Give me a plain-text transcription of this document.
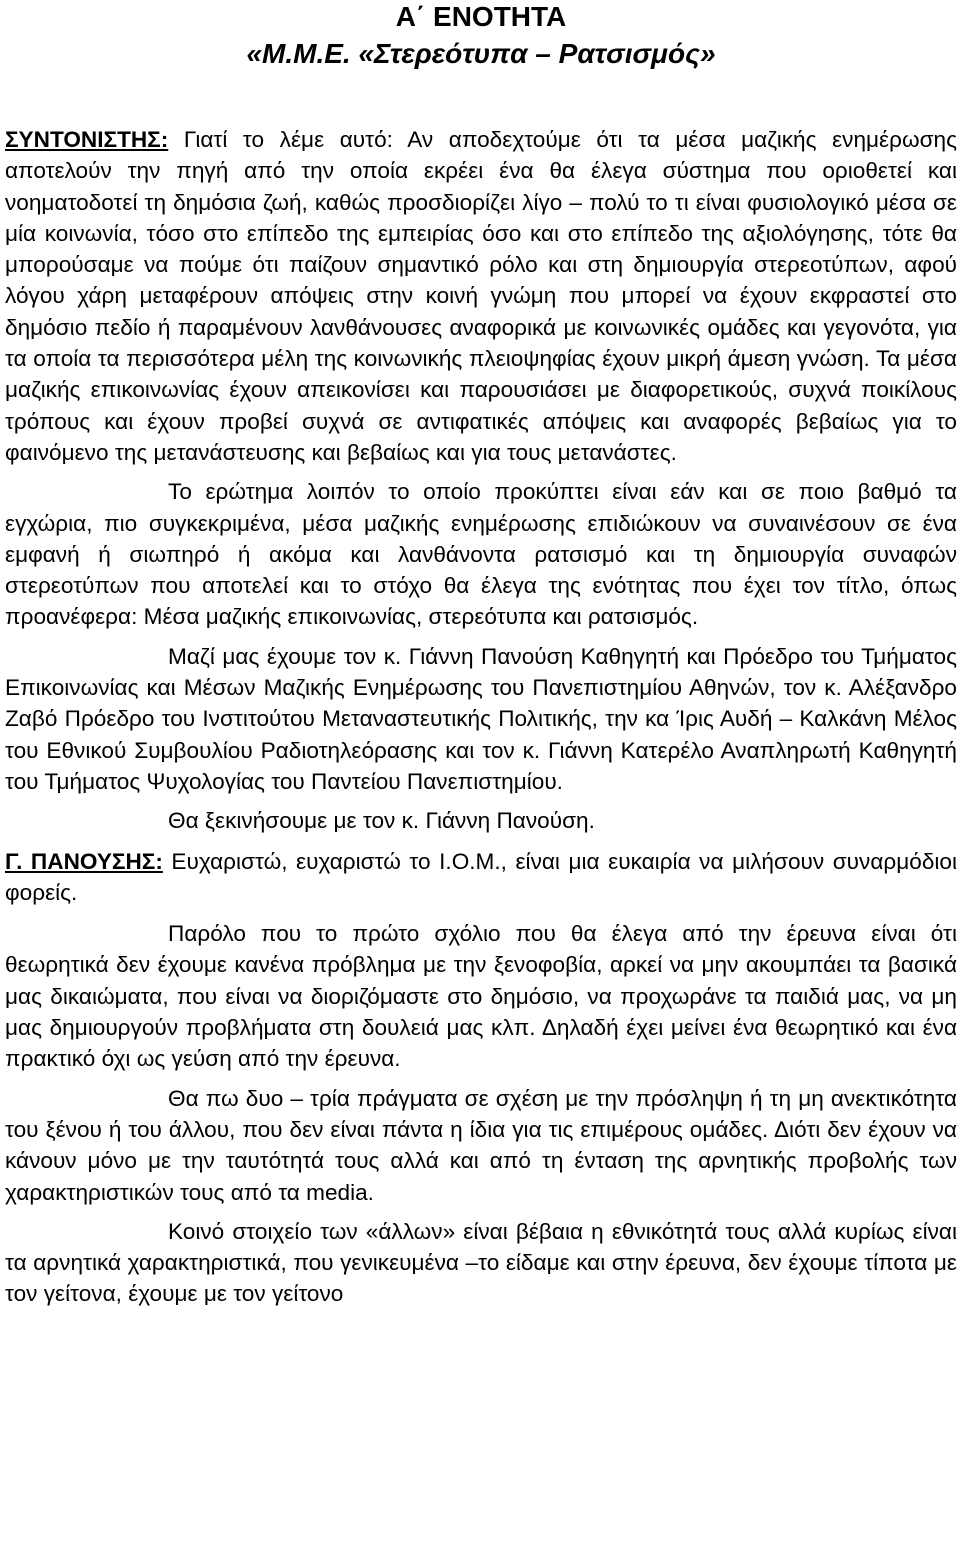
Α΄ ΕΝΟΤΗΤΑ
«Μ.Μ.Ε. «Στερεότυπα – Ρατσισμός»

ΣΥΝΤΟΝΙΣΤΗΣ: Γιατί το λέμε αυτό: Αν αποδεχτούμε ότι τα μέσα μαζικής ενημέρωσης αποτελούν την πηγή από την οποία εκρέει ένα θα έλεγα σύστημα που οριοθετεί και νοηματοδοτεί τη δημόσια ζωή, καθώς προσδιορίζει λίγο – πολύ το τι είναι φυσιολογικό μέσα σε μία κοινωνία, τόσο στο επίπεδο της εμπειρίας όσο και στο επίπεδο της αξιολόγησης, τότε θα μπορούσαμε να πούμε ότι παίζουν σημαντικό ρόλο και στη δημιουργία στερεοτύπων, αφού λόγου χάρη μεταφέρουν απόψεις στην κοινή γνώμη που μπορεί να έχουν εκφραστεί στο δημόσιο πεδίο ή παραμένουν λανθάνουσες αναφορικά με κοινωνικές ομάδες και γεγονότα, για τα οποία τα περισσότερα μέλη της κοινωνικής πλειοψηφίας έχουν μικρή άμεση γνώση. Τα μέσα μαζικής επικοινωνίας έχουν απεικονίσει και παρουσιάσει με διαφορετικούς, συχνά ποικίλους τρόπους και έχουν προβεί συχνά σε αντιφατικές απόψεις και αναφορές βεβαίως για το φαινόμενο της μετανάστευσης και βεβαίως και για τους μετανάστες.

Το ερώτημα λοιπόν το οποίο προκύπτει είναι εάν και σε ποιο βαθμό τα εγχώρια, πιο συγκεκριμένα, μέσα μαζικής ενημέρωσης επιδιώκουν να συναινέσουν σε ένα εμφανή ή σιωπηρό ή ακόμα και λανθάνοντα ρατσισμό και τη δημιουργία συναφών στερεοτύπων που αποτελεί και το στόχο θα έλεγα της ενότητας που έχει τον τίτλο, όπως προανέφερα: Μέσα μαζικής επικοινωνίας, στερεότυπα και ρατσισμός.

Μαζί μας έχουμε τον κ. Γιάννη Πανούση Καθηγητή και Πρόεδρο του Τμήματος Επικοινωνίας και Μέσων Μαζικής Ενημέρωσης του Πανεπιστημίου Αθηνών, τον κ. Αλέξανδρο Ζαβό Πρόεδρο του Ινστιτούτου Μεταναστευτικής Πολιτικής, την κα Ίρις Αυδή – Καλκάνη Μέλος του Εθνικού Συμβουλίου Ραδιοτηλεόρασης και τον κ. Γιάννη Κατερέλο Αναπληρωτή Καθηγητή του Τμήματος Ψυχολογίας του Παντείου Πανεπιστημίου.

Θα ξεκινήσουμε με τον κ. Γιάννη Πανούση.

Γ. ΠΑΝΟΥΣΗΣ: Ευχαριστώ, ευχαριστώ το Ι.Ο.Μ., είναι μια ευκαιρία να μιλήσουν συναρμόδιοι φορείς.

Παρόλο που το πρώτο σχόλιο που θα έλεγα από την έρευνα είναι ότι θεωρητικά δεν έχουμε κανένα πρόβλημα με την ξενοφοβία, αρκεί να μην ακουμπάει τα βασικά μας δικαιώματα, που είναι να διοριζόμαστε στο δημόσιο, να προχωράνε τα παιδιά μας, να μη μας δημιουργούν προβλήματα στη δουλειά μας κλπ. Δηλαδή έχει μείνει ένα θεωρητικό και ένα πρακτικό όχι ως γεύση από την έρευνα.

Θα πω δυο – τρία πράγματα σε σχέση με την πρόσληψη ή τη μη ανεκτικότητα του ξένου ή του άλλου, που δεν είναι πάντα η ίδια για τις επιμέρους ομάδες. Διότι δεν έχουν να κάνουν μόνο με την ταυτότητά τους αλλά και από τη ένταση της αρνητικής προβολής των χαρακτηριστικών τους από τα media.

Κοινό στοιχείο των «άλλων» είναι βέβαια η εθνικότητά τους αλλά κυρίως είναι τα αρνητικά χαρακτηριστικά, που γενικευμένα –το είδαμε και στην έρευνα, δεν έχουμε τίποτα με τον γείτονα, έχουμε με τον γείτονο
